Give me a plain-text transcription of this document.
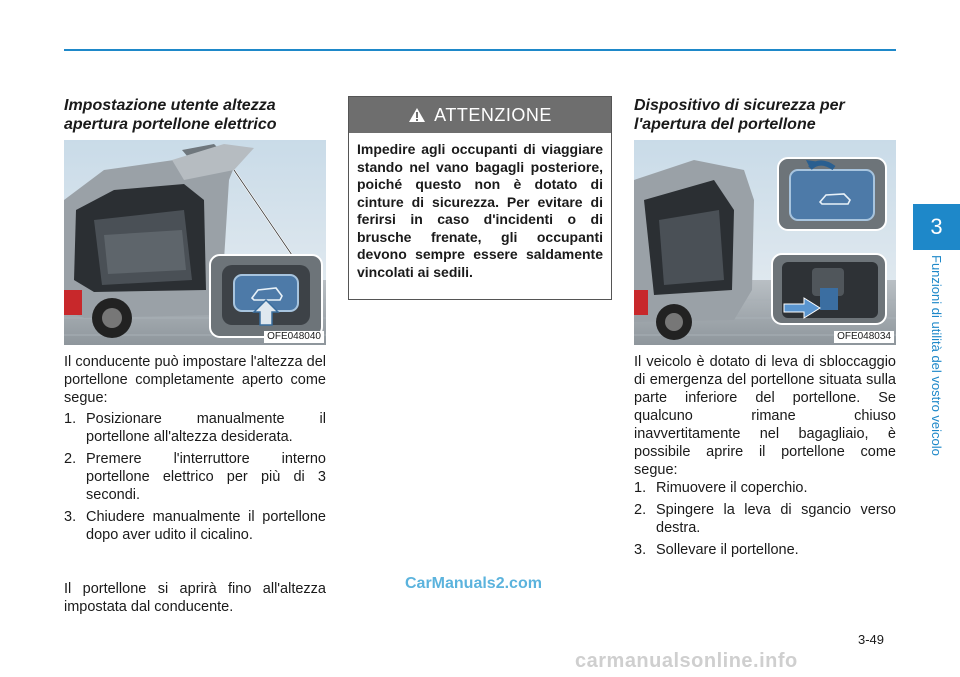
Impostazione utente altezza apertura portellone elettrico
OFE048040
Il conducente può impostare l'altezza del portellone completamente aperto come segue:
1. Posizionare manualmente il portellone all'altezza desiderata.
2. Premere l'interruttore interno portellone elettrico per più di 3 secondi.
3. Chiudere manualmente il portellone dopo aver udito il cicalino.
Il portellone si aprirà fino all'altezza impostata dal conducente.
ATTENZIONE
Impedire agli occupanti di viaggiare stando nel vano bagagli posteriore, poiché questo non è dotato di cinture di sicurezza. Per evitare di ferirsi in caso d'incidenti o di brusche frenate, gli occupanti devono sempre essere saldamente vincolati ai sedili.
Dispositivo di sicurezza per l'apertura del portellone
OFE048034
Il veicolo è dotato di leva di sbloccaggio di emergenza del portellone situata sulla parte inferiore del portellone. Se qualcuno rimane chiuso inavvertitamente nel bagagliaio, è possibile aprire il portellone come segue:
1. Rimuovere il coperchio.
2. Spingere la leva di sgancio verso destra.
3. Sollevare il portellone.
3
Funzioni di utilità del vostro veicolo
3-49
CarManuals2.com
carmanualsonline.info
